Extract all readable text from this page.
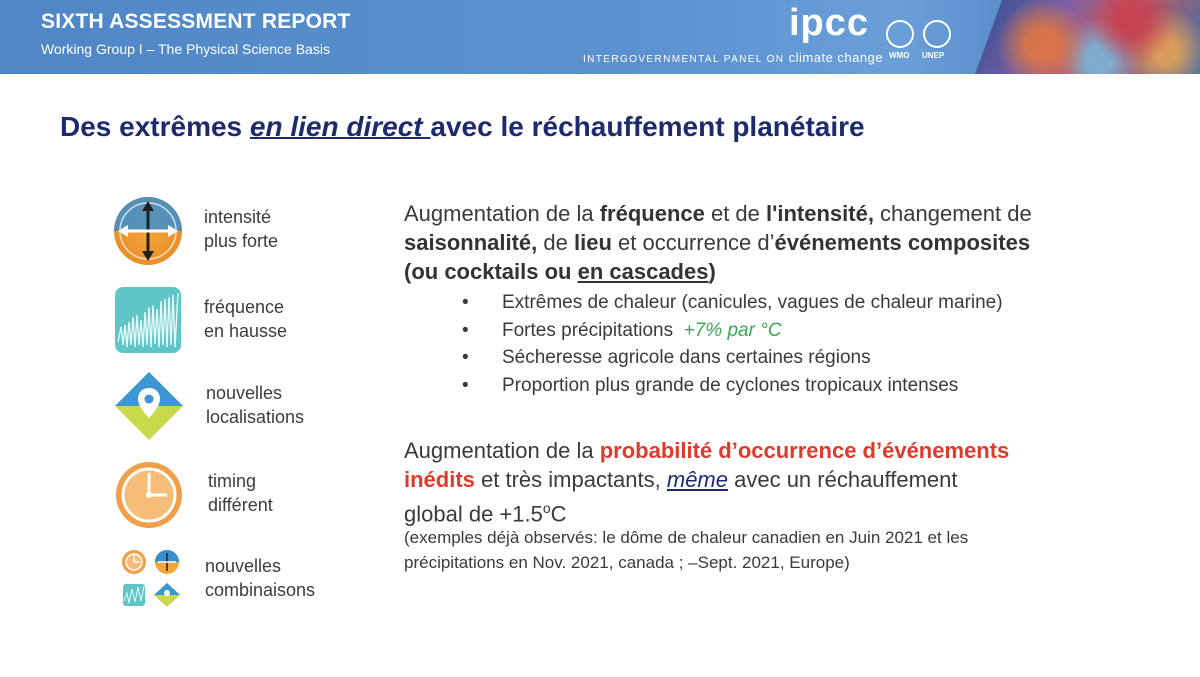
SIXTH ASSESSMENT REPORT
Working Group I – The Physical Science Basis
ipcc
INTERGOVERNMENTAL PANEL ON climate change WMO UNEP
Des extrêmes en lien direct avec le réchauffement planétaire
intensité
plus forte
fréquence
en hausse
nouvelles
localisations
timing
différent
nouvelles
combinaisons
Augmentation de la fréquence et de l'intensité, changement de
saisonnalité, de lieu et occurrence d’événements composites
(ou cocktails ou en cascades)
• Extrêmes de chaleur (canicules, vagues de chaleur marine)
• Fortes précipitations  +7% par °C
• Sécheresse agricole dans certaines régions
• Proportion plus grande de cyclones tropicaux intenses
Augmentation de la probabilité d’occurrence d’événements
inédits et très impactants, même avec un réchauffement
global de $+1.5^oC$
(exemples déjà observés: le dôme de chaleur canadien en Juin 2021 et les
précipitations en Nov. 2021, canada ; –Sept. 2021, Europe)
